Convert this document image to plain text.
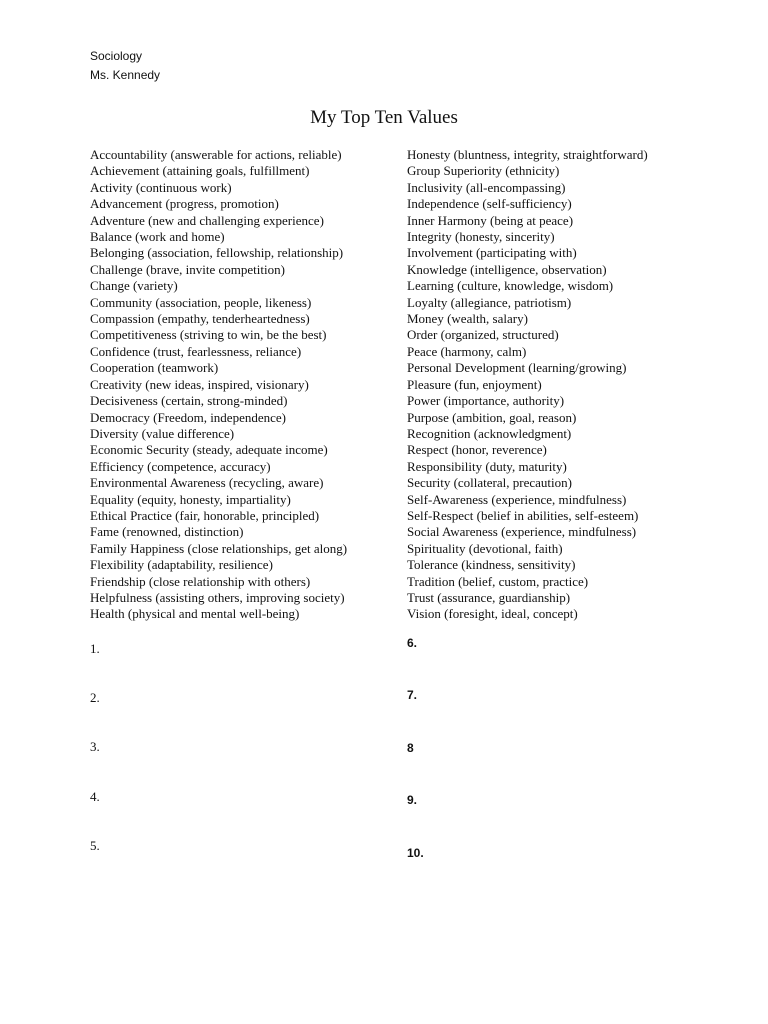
Sociology
Ms. Kennedy
My Top Ten Values
Accountability (answerable for actions, reliable)
Achievement (attaining goals, fulfillment)
Activity (continuous work)
Advancement (progress, promotion)
Adventure (new and challenging experience)
Balance (work and home)
Belonging (association, fellowship, relationship)
Challenge (brave, invite competition)
Change (variety)
Community (association, people, likeness)
Compassion (empathy, tenderheartedness)
Competitiveness (striving to win, be the best)
Confidence (trust, fearlessness, reliance)
Cooperation (teamwork)
Creativity (new ideas, inspired, visionary)
Decisiveness (certain, strong-minded)
Democracy (Freedom, independence)
Diversity (value difference)
Economic Security (steady, adequate income)
Efficiency (competence, accuracy)
Environmental Awareness (recycling, aware)
Equality (equity, honesty, impartiality)
Ethical Practice (fair, honorable, principled)
Fame (renowned, distinction)
Family Happiness (close relationships, get along)
Flexibility (adaptability, resilience)
Friendship (close relationship with others)
Helpfulness (assisting others, improving society)
Health (physical and mental well-being)
1.
2.
3.
4.
5.
Honesty (bluntness, integrity, straightforward)
Group Superiority (ethnicity)
Inclusivity (all-encompassing)
Independence (self-sufficiency)
Inner Harmony (being at peace)
Integrity (honesty, sincerity)
Involvement (participating with)
Knowledge (intelligence, observation)
Learning (culture, knowledge, wisdom)
Loyalty (allegiance, patriotism)
Money (wealth, salary)
Order (organized, structured)
Peace (harmony, calm)
Personal Development (learning/growing)
Pleasure (fun, enjoyment)
Power (importance, authority)
Purpose (ambition, goal, reason)
Recognition (acknowledgment)
Respect (honor, reverence)
Responsibility (duty, maturity)
Security (collateral, precaution)
Self-Awareness (experience, mindfulness)
Self-Respect (belief in abilities, self-esteem)
Social Awareness (experience, mindfulness)
Spirituality (devotional, faith)
Tolerance (kindness, sensitivity)
Tradition (belief, custom, practice)
Trust (assurance, guardianship)
Vision (foresight, ideal, concept)
6.
7.
8
9.
10.
